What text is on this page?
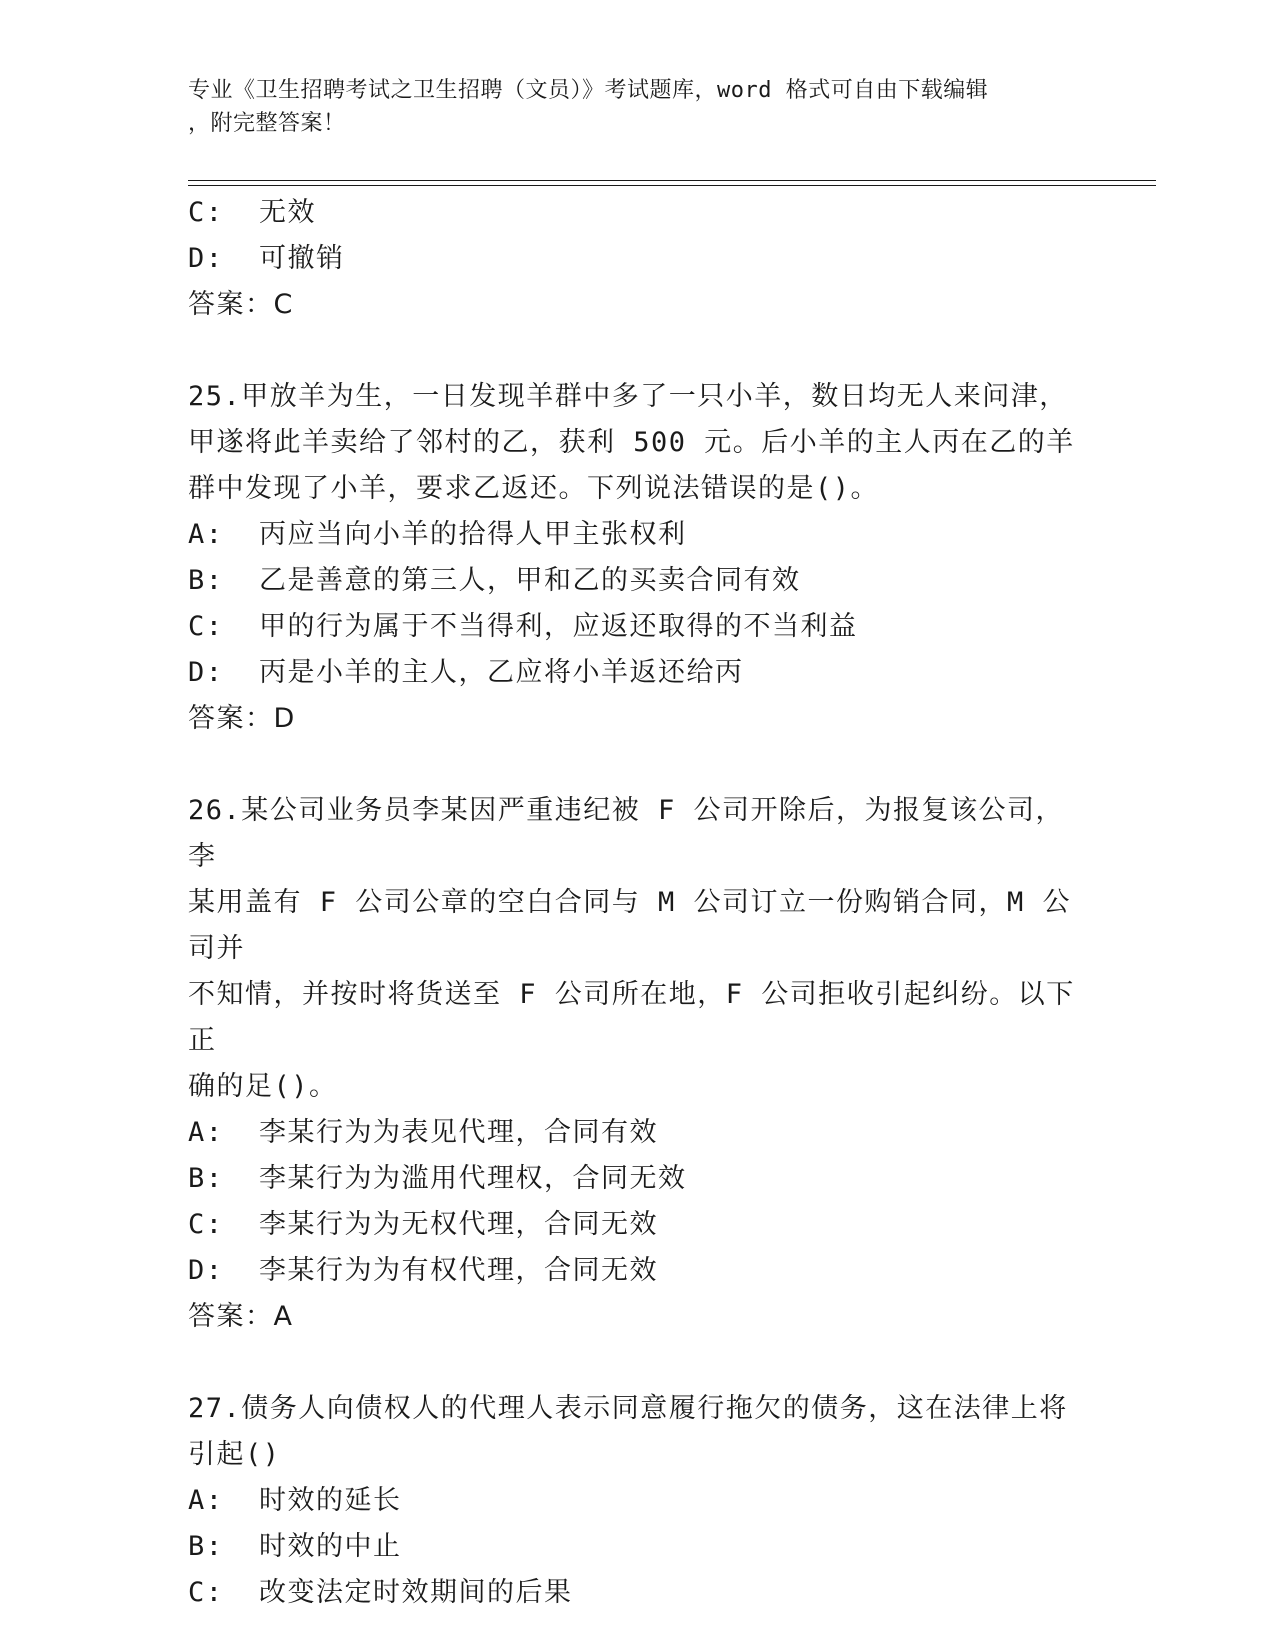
专业《卫生招聘考试之卫生招聘（文员）》考试题库，word 格式可自由下载编辑
，附完整答案！
C:  无效
D:  可撤销
答案：C
25.甲放羊为生，一日发现羊群中多了一只小羊，数日均无人来问津，
甲遂将此羊卖给了邻村的乙，获利 500 元。后小羊的主人丙在乙的羊
群中发现了小羊，要求乙返还。下列说法错误的是()。
A:  丙应当向小羊的拾得人甲主张权利
B:  乙是善意的第三人，甲和乙的买卖合同有效
C:  甲的行为属于不当得利，应返还取得的不当利益
D:  丙是小羊的主人，乙应将小羊返还给丙
答案：D
26.某公司业务员李某因严重违纪被 F 公司开除后，为报复该公司，李
某用盖有 F 公司公章的空白合同与 M 公司订立一份购销合同，M 公司并
不知情，并按时将货送至 F 公司所在地，F 公司拒收引起纠纷。以下正
确的足()。
A:  李某行为为表见代理，合同有效
B:  李某行为为滥用代理权，合同无效
C:  李某行为为无权代理，合同无效
D:  李某行为为有权代理，合同无效
答案：A
27.债务人向债权人的代理人表示同意履行拖欠的债务，这在法律上将
引起()
A:  时效的延长
B:  时效的中止
C:  改变法定时效期间的后果
